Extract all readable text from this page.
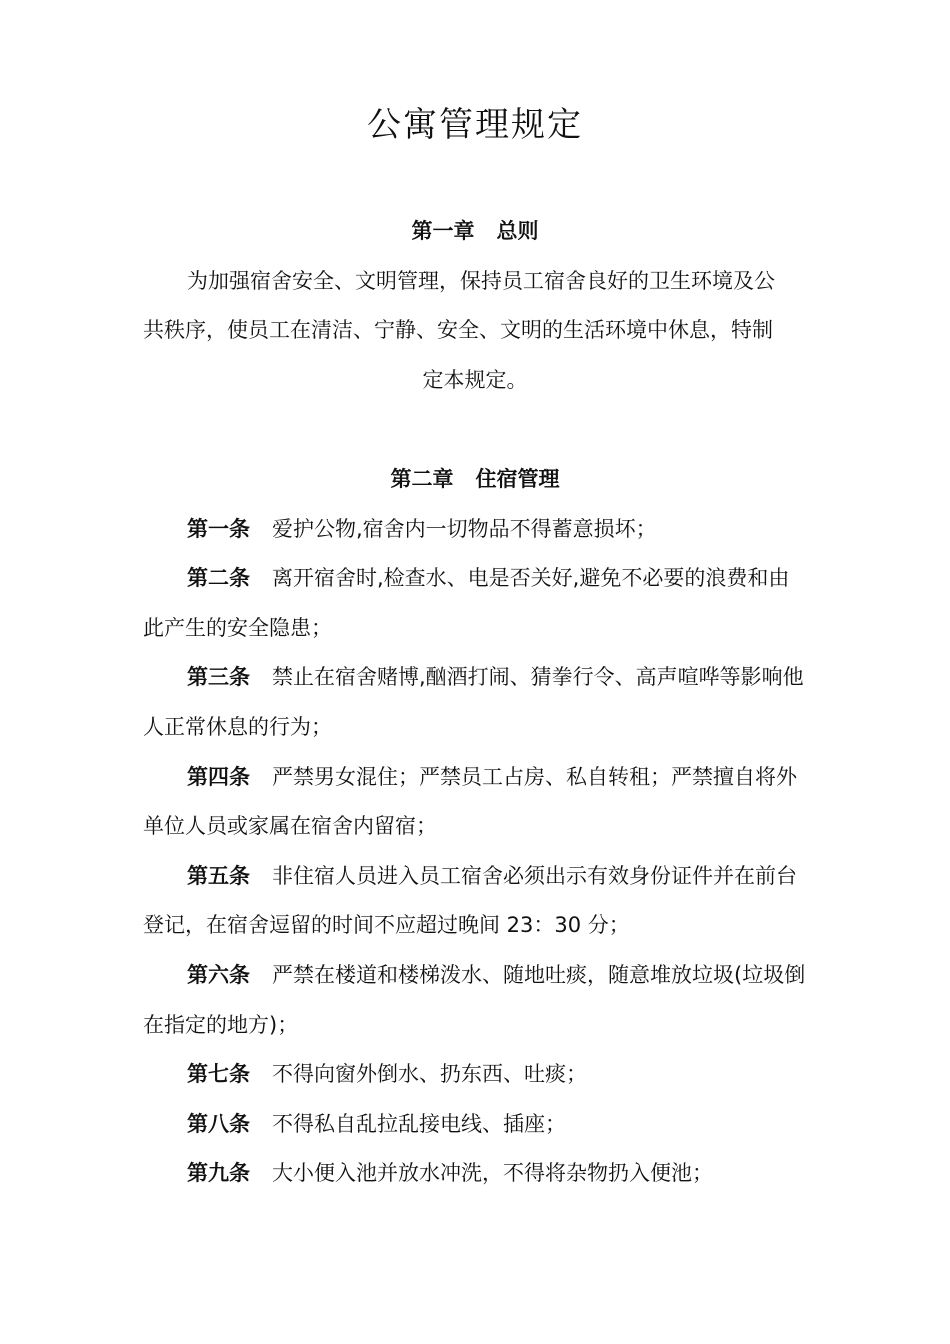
公寓管理规定
第一章 总则

为加强宿舍安全、文明管理，保持员工宿舍良好的卫生环境及公

共秩序，使员工在清洁、宁静、安全、文明的生活环境中休息，特制

定本规定。

第二章 住宿管理

第一条 爱护公物,宿舍内一切物品不得蓄意损坏；

第二条 离开宿舍时,检查水、电是否关好,避免不必要的浪费和由此产生的安全隐患；

第三条 禁止在宿舍赌博,酗酒打闹、猜拳行令、高声喧哗等影响他人正常休息的行为；

第四条 严禁男女混住；严禁员工占房、私自转租；严禁擅自将外单位人员或家属在宿舍内留宿；

第五条 非住宿人员进入员工宿舍必须出示有效身份证件并在前台登记，在宿舍逗留的时间不应超过晚间 23：30 分；

第六条 严禁在楼道和楼梯泼水、随地吐痰，随意堆放垃圾(垃圾倒在指定的地方)；

第七条 不得向窗外倒水、扔东西、吐痰；

第八条 不得私自乱拉乱接电线、插座；

第九条 大小便入池并放水冲洗，不得将杂物扔入便池；
